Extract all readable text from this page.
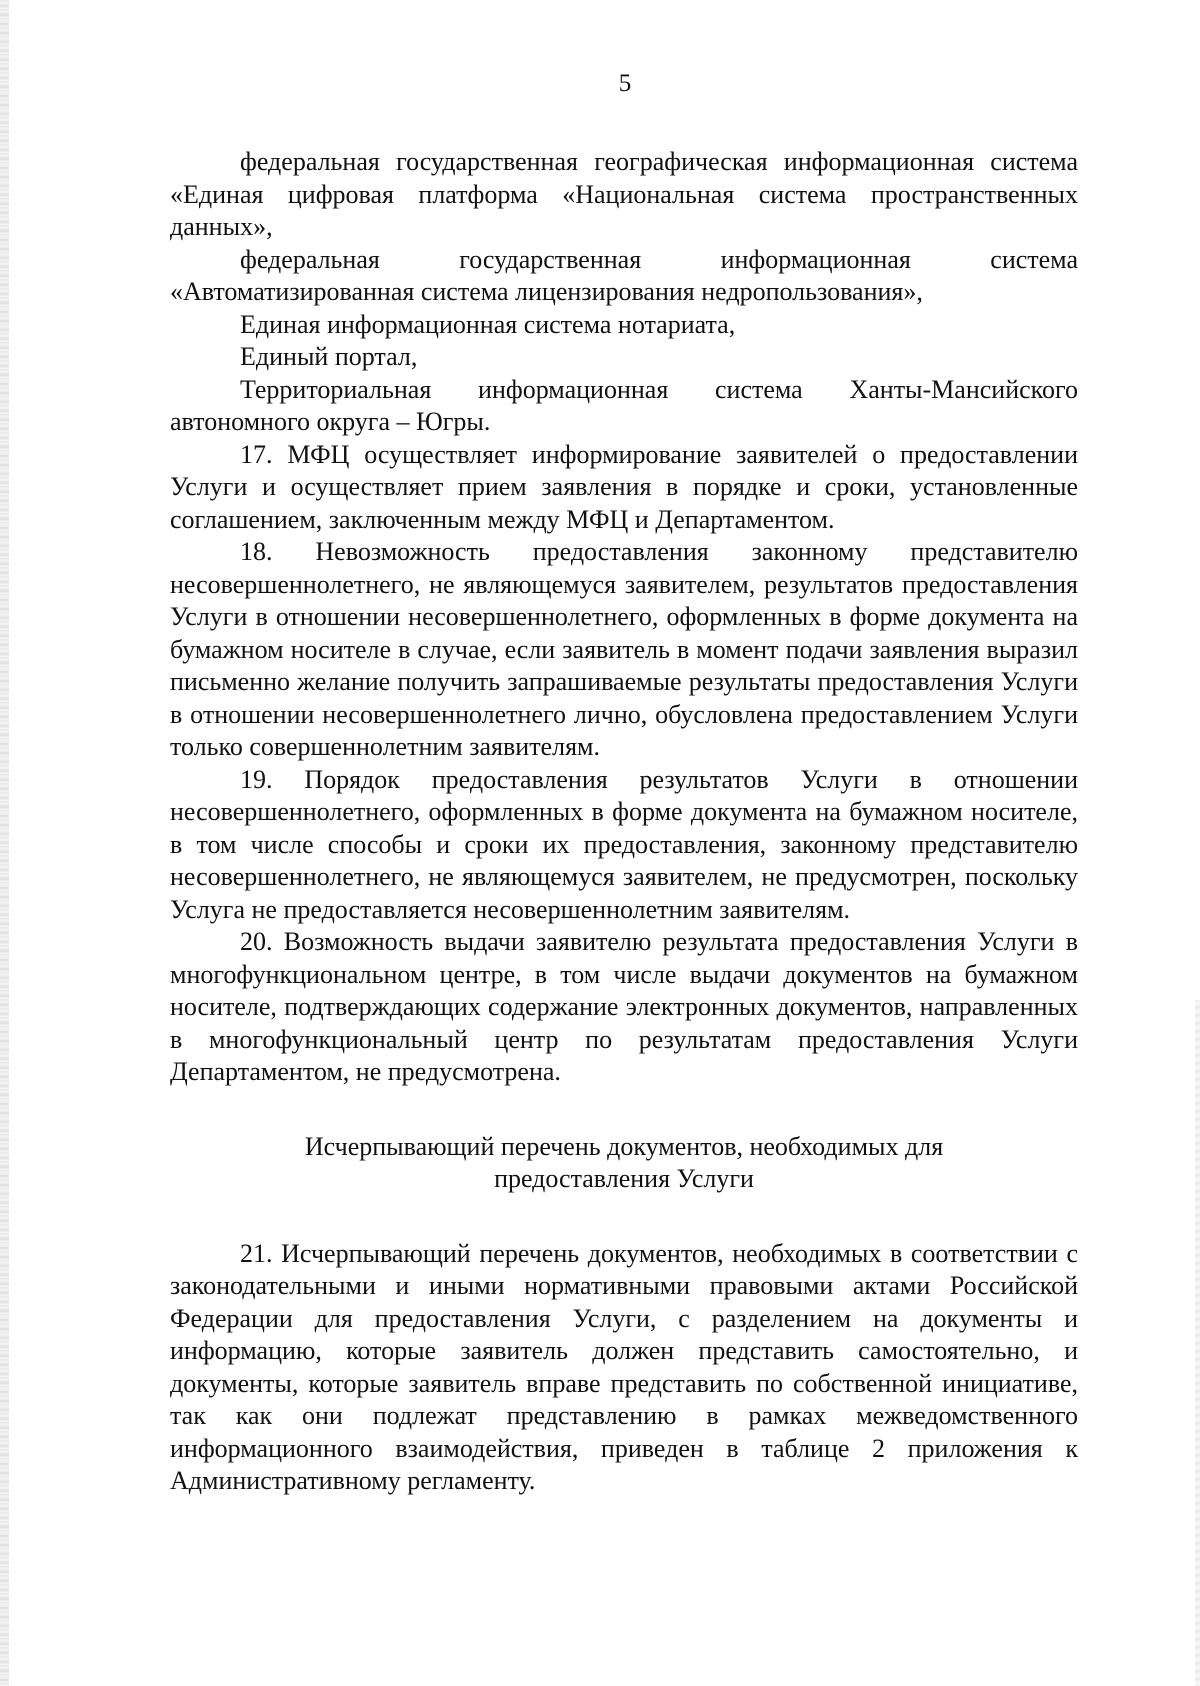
5

федеральная государственная географическая информационная система «Единая цифровая платформа «Национальная система пространственных данных»,

федеральная государственная информационная система «Автоматизированная система лицензирования недропользования»,

Единая информационная система нотариата,

Единый портал,

Территориальная информационная система Ханты-Мансийского автономного округа – Югры.

17. МФЦ осуществляет информирование заявителей о предоставлении Услуги и осуществляет прием заявления в порядке и сроки, установленные соглашением, заключенным между МФЦ и Департаментом.

18. Невозможность предоставления законному представителю несовершеннолетнего, не являющемуся заявителем, результатов предоставления Услуги в отношении несовершеннолетнего, оформленных в форме документа на бумажном носителе в случае, если заявитель в момент подачи заявления выразил письменно желание получить запрашиваемые результаты предоставления Услуги в отношении несовершеннолетнего лично, обусловлена предоставлением Услуги только совершеннолетним заявителям.

19. Порядок предоставления результатов Услуги в отношении несовершеннолетнего, оформленных в форме документа на бумажном носителе, в том числе способы и сроки их предоставления, законному представителю несовершеннолетнего, не являющемуся заявителем, не предусмотрен, поскольку Услуга не предоставляется несовершеннолетним заявителям.

20. Возможность выдачи заявителю результата предоставления Услуги в многофункциональном центре, в том числе выдачи документов на бумажном носителе, подтверждающих содержание электронных документов, направленных в многофункциональный центр по результатам предоставления Услуги Департаментом, не предусмотрена.

Исчерпывающий перечень документов, необходимых для
предоставления Услуги

21. Исчерпывающий перечень документов, необходимых в соответствии с законодательными и иными нормативными правовыми актами Российской Федерации для предоставления Услуги, с разделением на документы и информацию, которые заявитель должен представить самостоятельно, и документы, которые заявитель вправе представить по собственной инициативе, так как они подлежат представлению в рамках межведомственного информационного взаимодействия, приведен в таблице 2 приложения к Административному регламенту.
